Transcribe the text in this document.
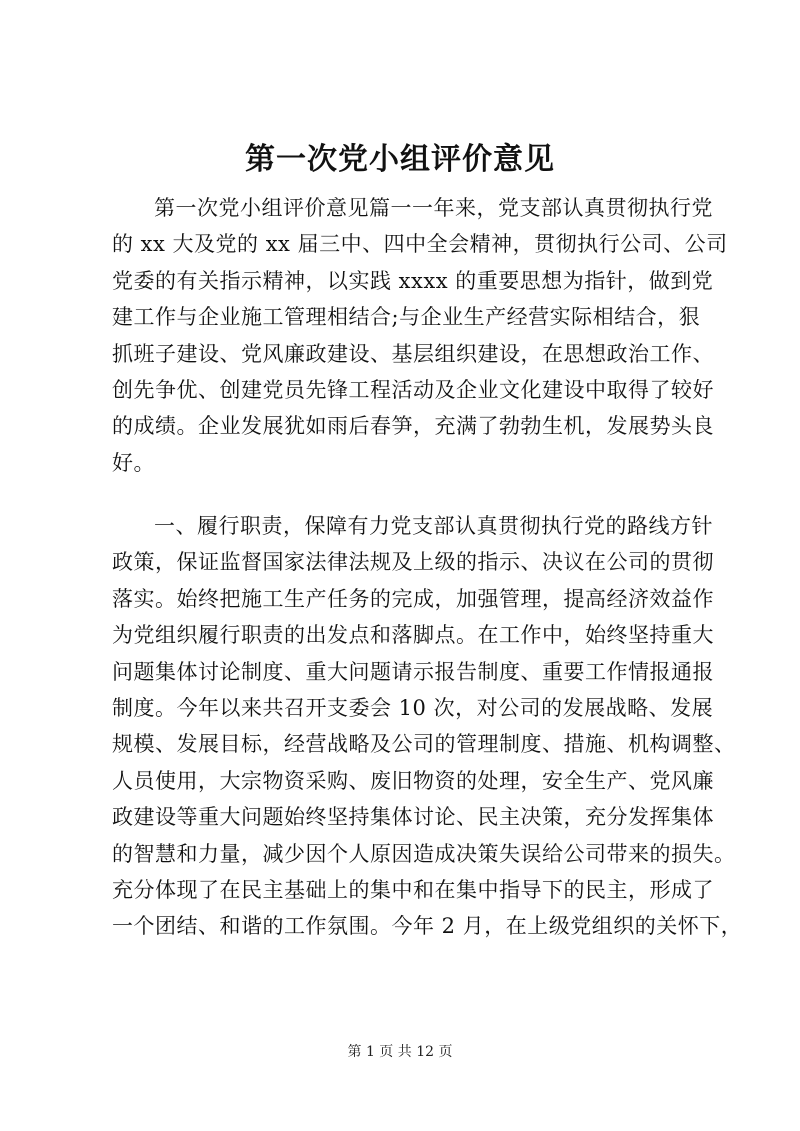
第一次党小组评价意见
第一次党小组评价意见篇一一年来，党支部认真贯彻执行党
的 xx 大及党的 xx 届三中、四中全会精神，贯彻执行公司、公司
党委的有关指示精神，以实践 xxxx 的重要思想为指针，做到党
建工作与企业施工管理相结合;与企业生产经营实际相结合，狠
抓班子建设、党风廉政建设、基层组织建设，在思想政治工作、
创先争优、创建党员先锋工程活动及企业文化建设中取得了较好
的成绩。企业发展犹如雨后春笋，充满了勃勃生机，发展势头良
好。
一、履行职责，保障有力党支部认真贯彻执行党的路线方针
政策，保证监督国家法律法规及上级的指示、决议在公司的贯彻
落实。始终把施工生产任务的完成，加强管理，提高经济效益作
为党组织履行职责的出发点和落脚点。在工作中，始终坚持重大
问题集体讨论制度、重大问题请示报告制度、重要工作情报通报
制度。今年以来共召开支委会 10 次，对公司的发展战略、发展
规模、发展目标，经营战略及公司的管理制度、措施、机构调整、
人员使用，大宗物资采购、废旧物资的处理，安全生产、党风廉
政建设等重大问题始终坚持集体讨论、民主决策，充分发挥集体
的智慧和力量，减少因个人原因造成决策失误给公司带来的损失。
充分体现了在民主基础上的集中和在集中指导下的民主，形成了
一个团结、和谐的工作氛围。今年 2 月，在上级党组织的关怀下，
第 1 页 共 12 页
